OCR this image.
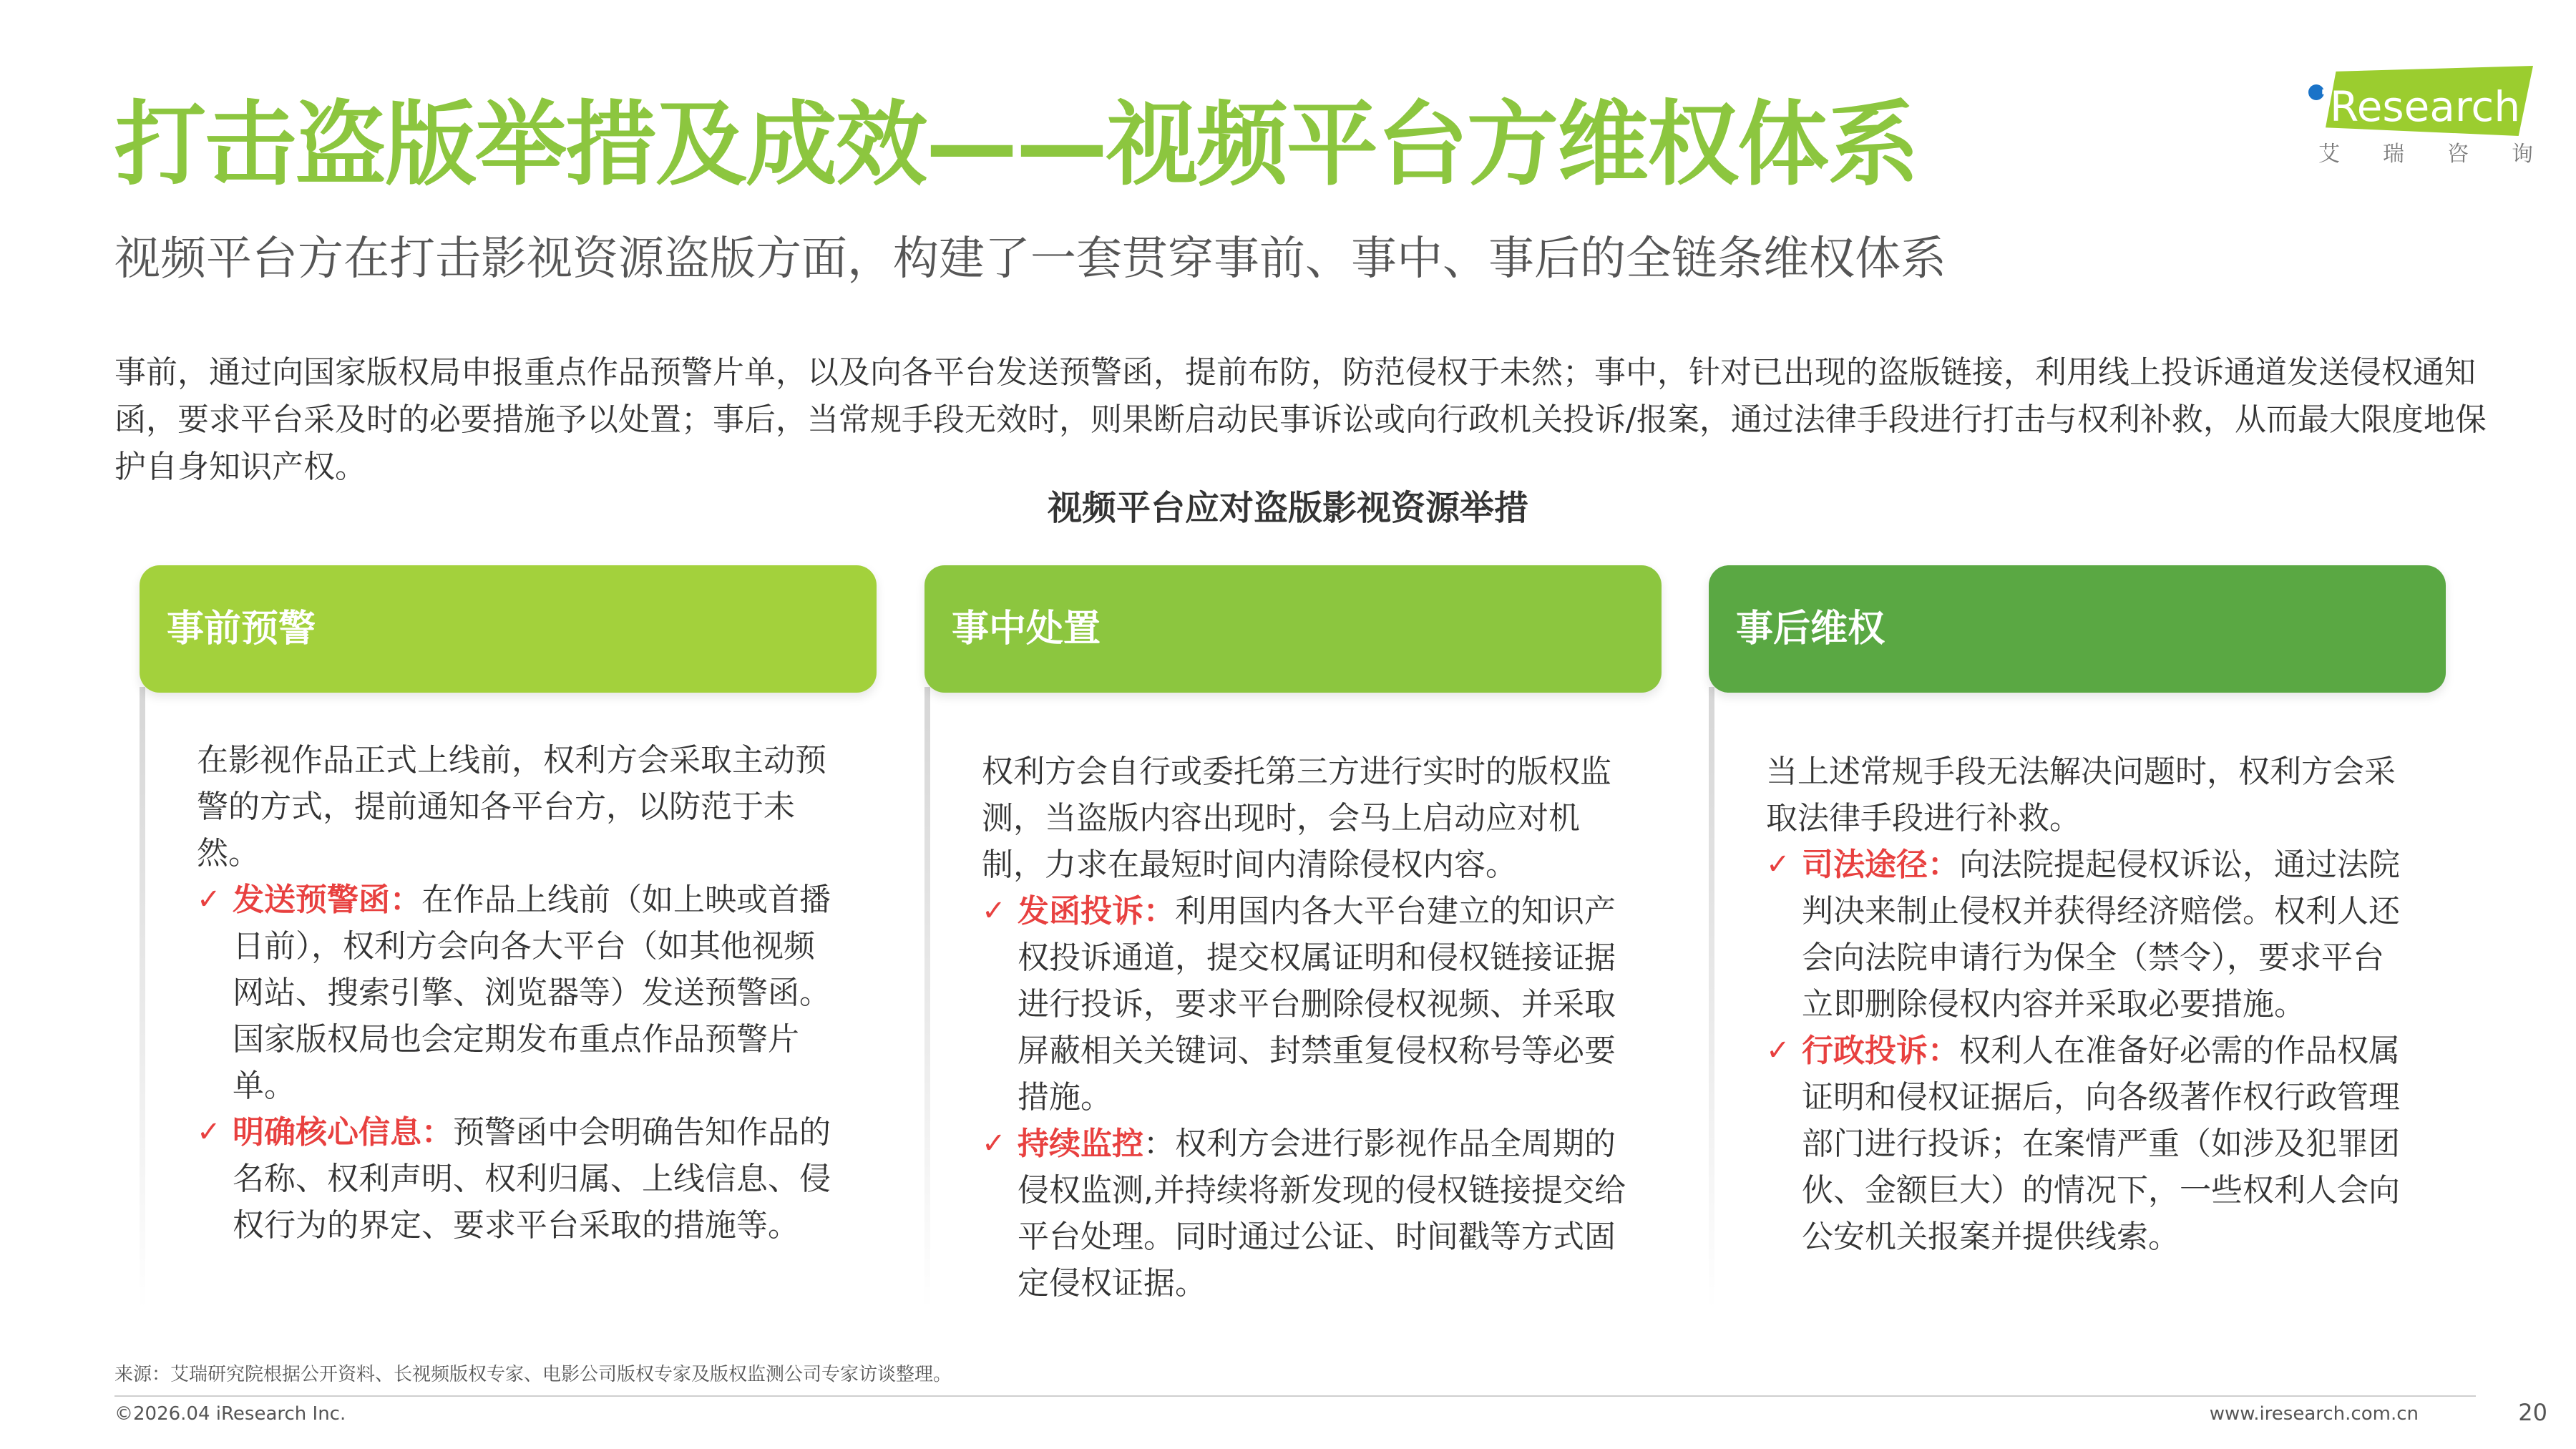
打击盗版举措及成效——视频平台方维权体系

视频平台方在打击影视资源盗版方面，构建了一套贯穿事前、事中、事后的全链条维权体系

iResearch
艾 瑞 咨 询

事前，通过向国家版权局申报重点作品预警片单，以及向各平台发送预警函，提前布防，防范侵权于未然；事中，针对已出现的盗版链接，利用线上投诉通道发送侵权通知函，要求平台采及时的必要措施予以处置；事后，当常规手段无效时，则果断启动民事诉讼或向行政机关投诉/报案，通过法律手段进行打击与权利补救，从而最大限度地保护自身知识产权。

视频平台应对盗版影视资源举措

事前预警

在影视作品正式上线前，权利方会采取主动预警的方式，提前通知各平台方，以防范于未然。

✓ 发送预警函：在作品上线前（如上映或首播日前），权利方会向各大平台（如其他视频网站、搜索引擎、浏览器等）发送预警函。国家版权局也会定期发布重点作品预警片单。

✓ 明确核心信息：预警函中会明确告知作品的名称、权利声明、权利归属、上线信息、侵权行为的界定、要求平台采取的措施等。

事中处置

权利方会自行或委托第三方进行实时的版权监测，当盗版内容出现时，会马上启动应对机制，力求在最短时间内清除侵权内容。

✓ 发函投诉：利用国内各大平台建立的知识产权投诉通道，提交权属证明和侵权链接证据进行投诉，要求平台删除侵权视频、并采取屏蔽相关关键词、封禁重复侵权称号等必要措施。

✓ 持续监控：权利方会进行影视作品全周期的侵权监测,并持续将新发现的侵权链接提交给平台处理。同时通过公证、时间戳等方式固定侵权证据。

事后维权

当上述常规手段无法解决问题时，权利方会采取法律手段进行补救。

✓ 司法途径：向法院提起侵权诉讼，通过法院判决来制止侵权并获得经济赔偿。权利人还会向法院申请行为保全（禁令），要求平台立即删除侵权内容并采取必要措施。

✓ 行政投诉：权利人在准备好必需的作品权属证明和侵权证据后，向各级著作权行政管理部门进行投诉；在案情严重（如涉及犯罪团伙、金额巨大）的情况下，一些权利人会向公安机关报案并提供线索。

来源：艾瑞研究院根据公开资料、长视频版权专家、电影公司版权专家及版权监测公司专家访谈整理。

©2026.04 iResearch Inc.	www.iresearch.com.cn	20
